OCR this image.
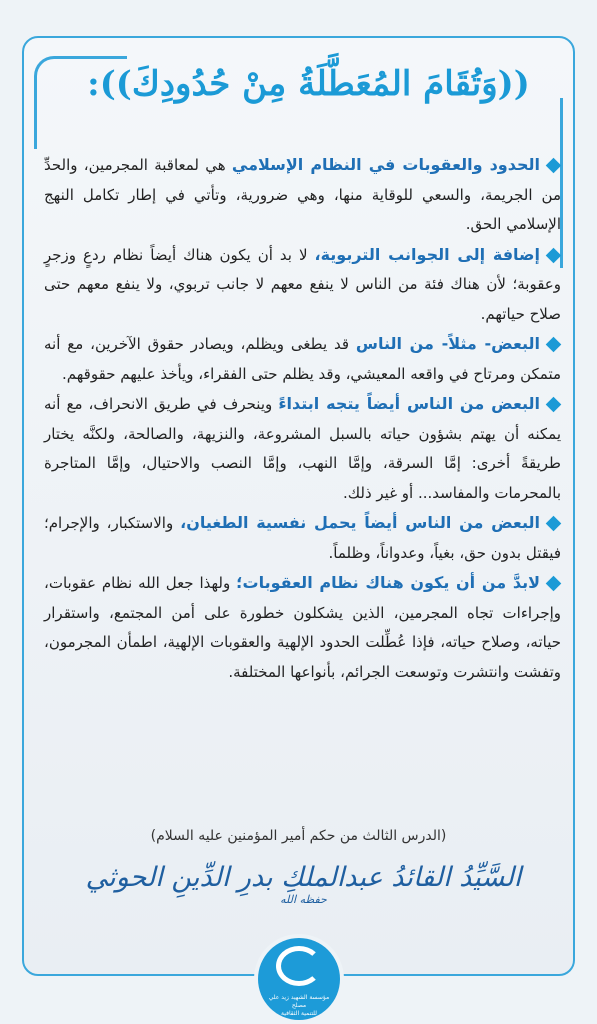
((وَتُقَامَ المُعَطَّلَةُ مِنْ حُدُودِكَ)):

الحدود والعقوبات في النظام الإسلامي هي لمعاقبة المجرمين، والحدِّ من الجريمة، والسعي للوقاية منها، وهي ضرورية، وتأتي في إطار تكامل النهج الإسلامي الحق.

إضافة إلى الجوانب التربوية، لا بد أن يكون هناك أيضاً نظام ردعٍ وزجرٍ وعقوبة؛ لأن هناك فئة من الناس لا ينفع معهم لا جانب تربوي، ولا ينفع معهم حتى صلاح حياتهم.

البعض- مثلاً- من الناس قد يطغى ويظلم، ويصادر حقوق الآخرين، مع أنه متمكن ومرتاح في واقعه المعيشي، وقد يظلم حتى الفقراء، ويأخذ عليهم حقوقهم.

البعض من الناس أيضاً يتجه ابتداءً وينحرف في طريق الانحراف، مع أنه يمكنه أن يهتم بشؤون حياته بالسبل المشروعة، والنزيهة، والصالحة، ولكنَّه يختار طريقةً أخرى: إمَّا السرقة، وإمَّا النهب، وإمَّا النصب والاحتيال، وإمَّا المتاجرة بالمحرمات والمفاسد... أو غير ذلك.

البعض من الناس أيضاً يحمل نفسية الطغيان، والاستكبار، والإجرام؛ فيقتل بدون حق، بغياً، وعدواناً، وظلماً.

لابدَّ من أن يكون هناك نظام العقوبات؛ ولهذا جعل الله نظام عقوبات، وإجراءات تجاه المجرمين، الذين يشكلون خطورة على أمن المجتمع، واستقرار حياته، وصلاح حياته، فإذا عُطِّلت الحدود الإلهية والعقوبات الإلهية، اطمأن المجرمون، وتفشت وانتشرت وتوسعت الجرائم، بأنواعها المختلفة.

(الدرس الثالث من حكم أمير المؤمنين عليه السلام)
السَّيِّدُ القائدُ عبدالملكِ بدرِ الدِّينِ الحوثي $^{حفظه الله}$
مؤسسة الشهيد زيد علي مصلح
للتنمية الثقافية
